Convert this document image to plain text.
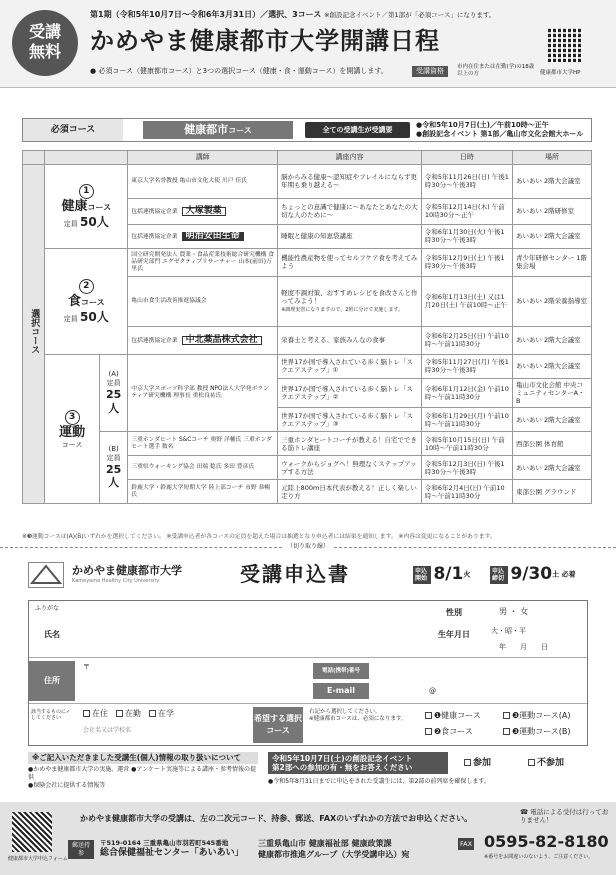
受講
無料
第1期（令和5年10月7日〜令和6年3月31日）／選択、3コース ※創設記念イベント／第1部が「必須コース」になります。
かめやま健康都市大学開講日程
● 必須コース（健康都市コース）と3つの選択コース（健康・食・運動コース）を開講します。	受講資格	市内在住または在勤(学)の18歳以上の方	健康都市大学HP
必須コース	健康都市コース	全ての受講生が受講要
●令和5年10月7日(土)／午前10時〜正午
●創設記念イベント 第1部／亀山市文化会館大ホール
			講師	講座内容	日時	場所
選択コース	1
健康コース
定員 50人		東京大学名誉教授 亀山市文化大使 川戸 佳氏	脳からみる健康〜認知症やフレイルにならず更年期も乗り越える〜	令和5年11月26日(日) 午後1時30分〜午後3時	あいあい 2階大会議室
			包括連携協定企業 大塚製薬	ちょっとの意識で健康に〜あなたとあなたの大切な人のために〜	令和5年12月14日(木) 午前10時30分〜正午	あいあい 2階研修室
			包括連携協定企業 明治安田生命	睡眠と健康の知恵袋講座	令和6年1月30日(火) 午後1時30分〜午後3時	あいあい 2階大会議室
	2
食コース
定員 50人		国立研究開発法人 農業・食品産業技術総合研究機構 食品研究部門 エグゼクティブリサーチャー 山本(前田)万里氏	機能性農産物を使ってセルフケア食を考えてみよう	令和5年12月9日(土) 午後1時30分〜午後3時	青少年研修センター 1階集会場
			亀山市食生活改善推進協議会	軽度不調対策、おすすめレシピを食改さんと作ってみよう！
※調理実習になりますので、2班に分けて実施します。	令和6年1月13日(土) 又は1月20日(土) 午前10時〜正午	あいあい 2階栄養指導室
			包括連携協定企業 中北薬品株式会社	栄養士と考える、家族みんなの食事	令和6年2月25日(日) 午前10時〜午前11時30分	あいあい 2階大会議室
	3
運動
コース	(A)
定員
25人	中京大学スポーツ科学部 教授 NPO法人大学発ボランティア研究機構 理事長 重松良祐氏	世界17か国で導入されている歩く脳トレ「スクエアステップ」①	令和5年11月27日(月) 午後1時30分〜午後3時	あいあい 2階大会議室
				世界17か国で導入されている歩く脳トレ「スクエアステップ」②	令和6年1月12日(金) 午前10時〜午前11時30分	亀山市文化会館 中央コミュニティセンターA・B
				世界17か国で導入されている歩く脳トレ「スクエアステップ」③	令和6年1月29日(月) 午前10時〜午前11時30分	あいあい 2階大会議室
		(B)
定員
25人	三重ホンダヒート S&Cコーチ 奥野 洋輔氏 三重ホンダヒート選手 数名	三重ホンダヒートコーチが教える！自宅でできる筋トレ講座	令和5年10月15日(日) 午前10時〜午前11時30分	西部公園 体育館
			三重県ウォーキング協会 田端 稔氏 多田 豊彦氏	ウォークからジョグへ！無理なくステップアップする方法	令和5年12月3日(日) 午後1時30分〜午後3時	あいあい 2階大会議室
			鈴鹿大学・鈴鹿大学短期大学 陸上部コーチ 市野 恭暢氏	元陸上800m日本代表が教える！正しく楽しい走り方	令和6年2月4日(日) 午前10時〜午前11時30分	東部公園 グラウンド
※❸運動コースは(A)(B)いずれかを選択してください。 ※受講申込者が各コースの定員を超えた場合は抽選となり申込者には結果を通知します。 ※内容は変更になることがあります。
（切り取り線）
かめやま健康都市大学
Kameyama Healthy City University	受講申込書	申込開始 8/1火	申込締切 9/30土 必着
ふりがな
氏名
性別	男 ・ 女
生年月日	大・昭・平
年　　月　　日
住所
〒	電話(携帯)番号
E-mail	@
該当するものに✓してください
在住　 在勤　 在学
会社名又は学校名
希望する選択コース
右記から選択してください。
※健康都市コースは、必須になります。	❶健康コース	❸運動コース(A)
❷食コース	❸運動コース(B)
※ご記入いただきました受講生(個人)情報の取り扱いについて
●かめやま健康都市大学の実施、運営 ●アンケート実施等による講座・参考情報の提供
●保険会社に提供する情報等
令和5年10月7日(土)の創設記念イベント
第2部への参加の有・無をお答えください	参加	不参加
●令和5年8月31日までに申込をされた受講生には、第2部の前列席を確保します。
健康都市大学申込フォーム
かめやま健康都市大学の受講は、左の二次元コード、持参、郵送、FAXのいずれかの方法でお申込ください。
郵送持参
〒519-0164 三重県亀山市羽若町545番地
総合保健福祉センター「あいあい」
三重県亀山市 健康福祉部 健康政策課
健康都市推進グループ（大学受講申込）宛
FAX 0595-82-8180
※番号をお間違いのないよう、ご注意ください。
☎ 電話による受付は行っておりません！
